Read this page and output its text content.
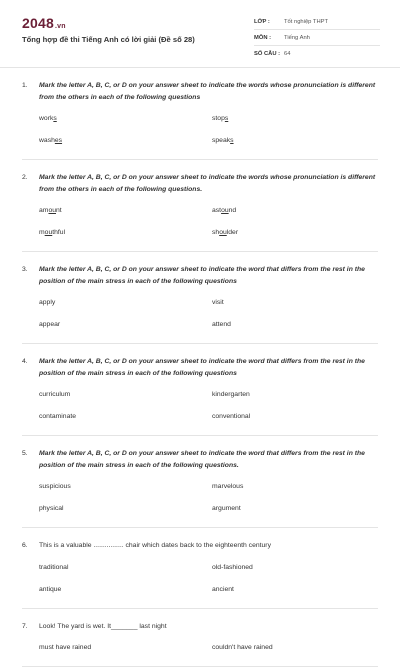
2048.vn
Tổng hợp đề thi Tiếng Anh có lời giải (Đề số 28)
LỚP :	Tốt nghiệp THPT
MÔN :	Tiếng Anh
SỐ CÂU : 64
1.	Mark the letter A, B, C, or D on your answer sheet to indicate the words whose pronunciation is different from the others in each of the following questions
works	stops
washes	speaks
2.	Mark the letter A, B, C, or D on your answer sheet to indicate the words whose pronunciation is different from the others in each of the following questions.
amount	astound
mouthful	shoulder
3.	Mark the letter A, B, C, or D on your answer sheet to indicate the word that differs from the rest in the position of the main stress in each of the following questions
apply	visit
appear	attend
4.	Mark the letter A, B, C, or D on your answer sheet to indicate the word that differs from the rest in the position of the main stress in each of the following questions
curriculum	kindergarten
contaminate	conventional
5.	Mark the letter A, B, C, or D on your answer sheet to indicate the word that differs from the rest in the position of the main stress in each of the following questions.
suspicious	marvelous
physical	argument
6.	This is a valuable ................ chair which dates back to the eighteenth century
traditional	old-fashioned
antique	ancient
7.	Look! The yard is wet. It_______ last night
must have rained	couldn't have rained
